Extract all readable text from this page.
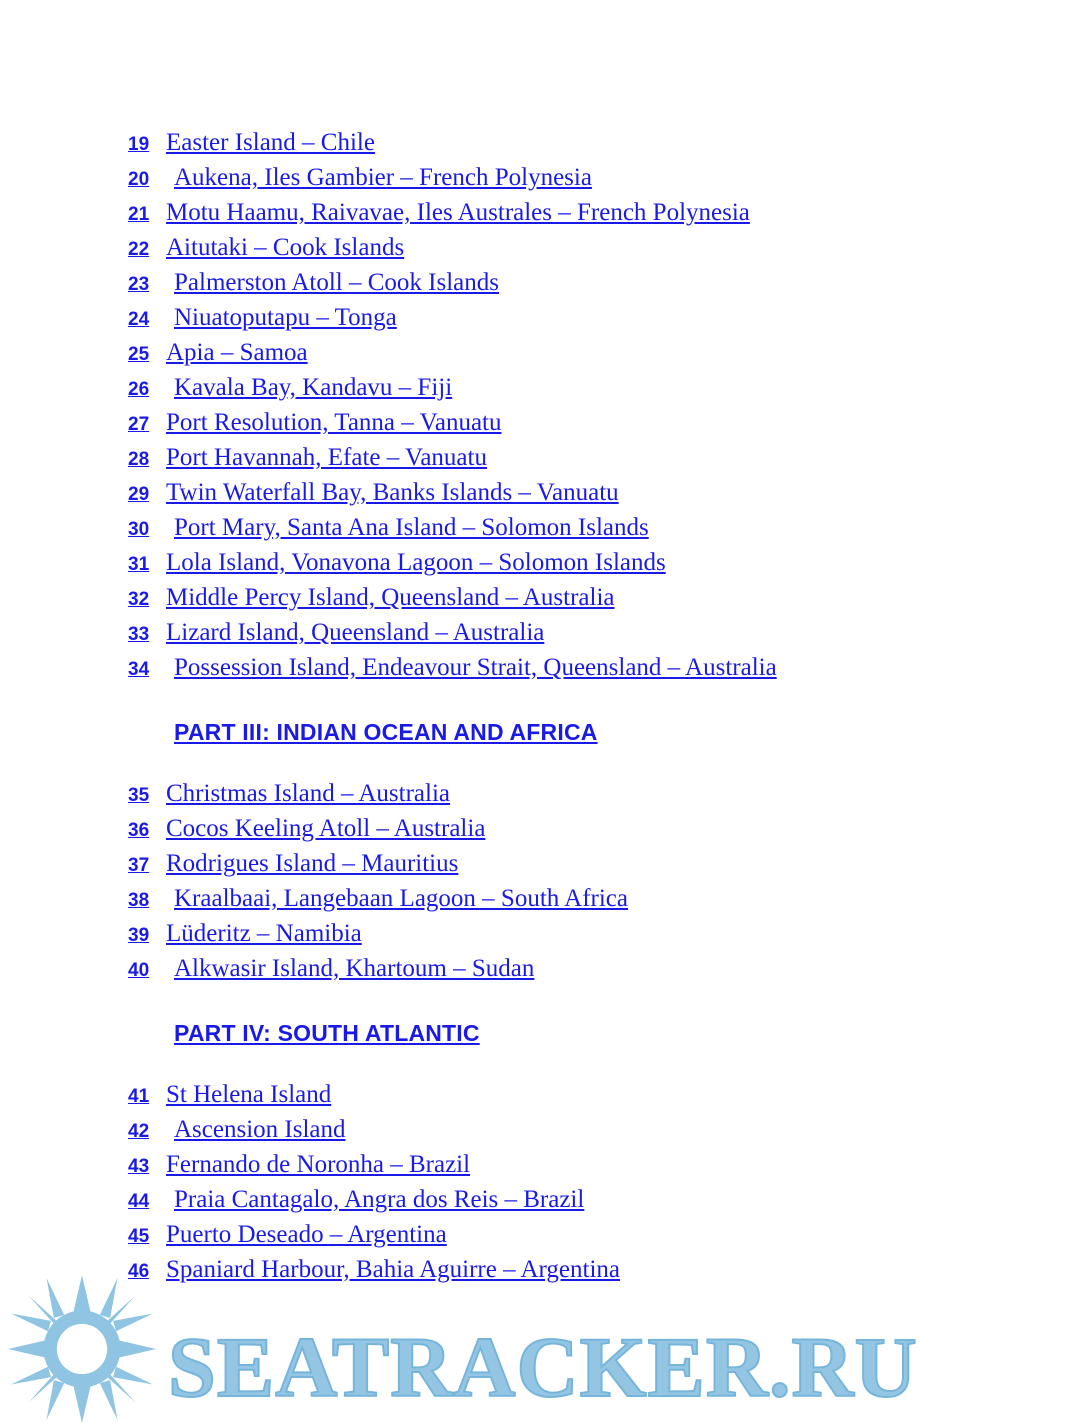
19 Easter Island – Chile
20 Aukena, Iles Gambier – French Polynesia
21 Motu Haamu, Raivavae, Iles Australes – French Polynesia
22 Aitutaki – Cook Islands
23 Palmerston Atoll – Cook Islands
24 Niuatoputapu – Tonga
25 Apia – Samoa
26 Kavala Bay, Kandavu – Fiji
27 Port Resolution, Tanna – Vanuatu
28 Port Havannah, Efate – Vanuatu
29 Twin Waterfall Bay, Banks Islands – Vanuatu
30 Port Mary, Santa Ana Island – Solomon Islands
31 Lola Island, Vonavona Lagoon – Solomon Islands
32 Middle Percy Island, Queensland – Australia
33 Lizard Island, Queensland – Australia
34 Possession Island, Endeavour Strait, Queensland – Australia
PART III: INDIAN OCEAN AND AFRICA
35 Christmas Island – Australia
36 Cocos Keeling Atoll – Australia
37 Rodrigues Island – Mauritius
38 Kraalbaai, Langebaan Lagoon – South Africa
39 Lüderitz – Namibia
40 Alkwasir Island, Khartoum – Sudan
PART IV: SOUTH ATLANTIC
41 St Helena Island
42 Ascension Island
43 Fernando de Noronha – Brazil
44 Praia Cantagalo, Angra dos Reis – Brazil
45 Puerto Deseado – Argentina
46 Spaniard Harbour, Bahia Aguirre – Argentina
SEATRACKER.RU
